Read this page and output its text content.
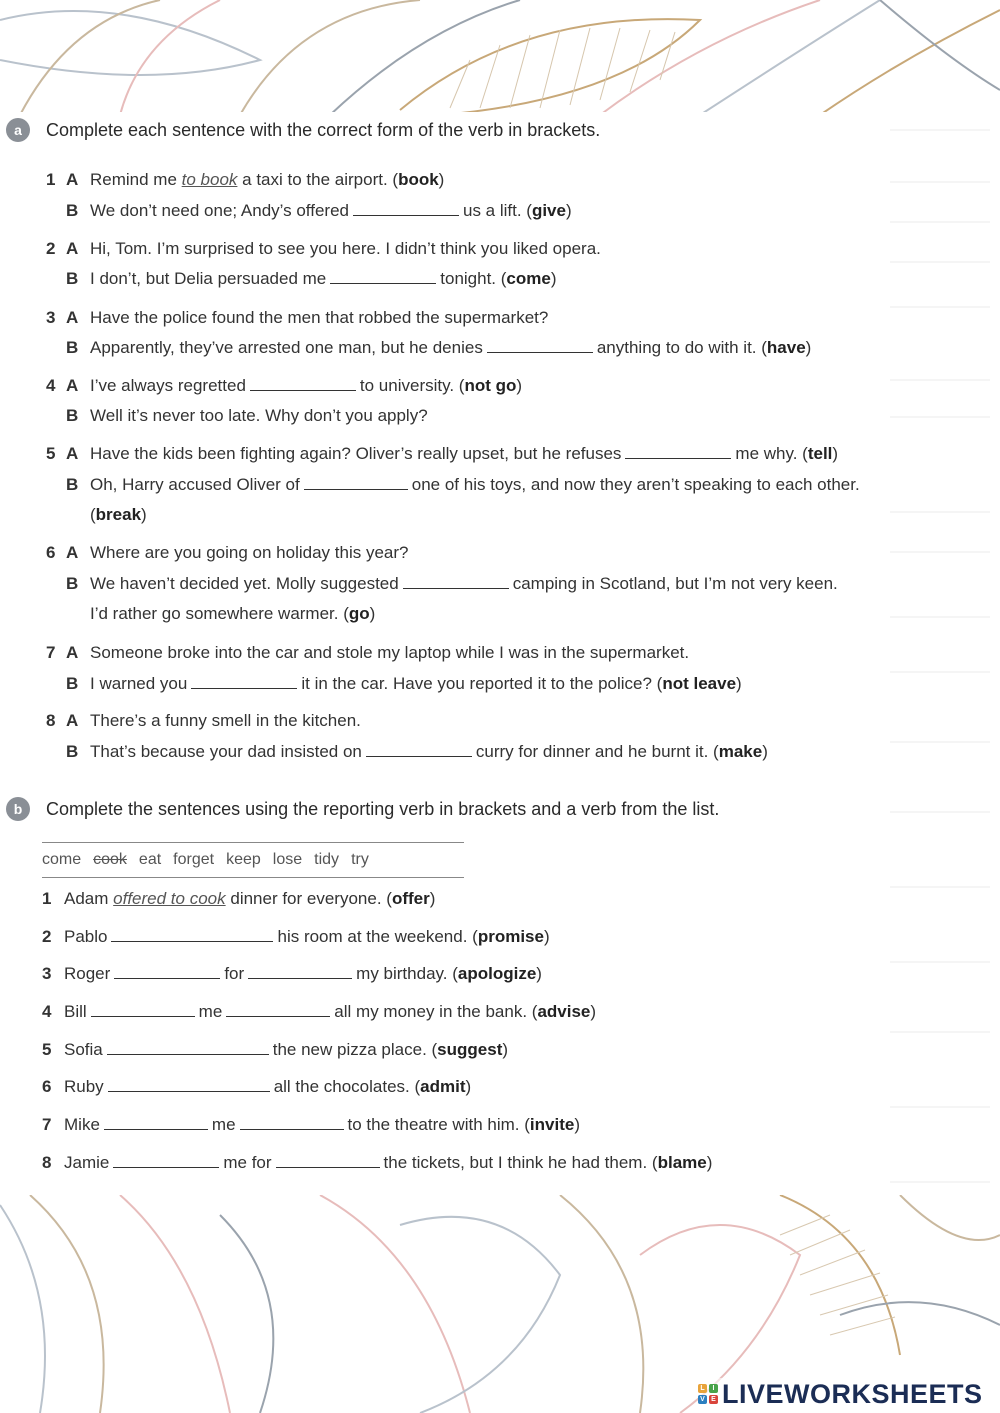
a	Complete each sentence with the correct form of the verb in brackets.
1 A Remind me to book a taxi to the airport. (book)
B We don’t need one; Andy’s offered	us a lift. (give)
2 A Hi, Tom. I’m surprised to see you here. I didn’t think you liked opera.
B I don’t, but Delia persuaded me	tonight. (come)
3 A Have the police found the men that robbed the supermarket?
B Apparently, they’ve arrested one man, but he denies	anything to do with it. (have)
4 A I’ve always regretted	to university. (not go)
B Well it’s never too late. Why don’t you apply?
5 A Have the kids been fighting again? Oliver’s really upset, but he refuses	me why. (tell)
B Oh, Harry accused Oliver of	one of his toys, and now they aren’t speaking to each other.
(break)
6 A Where are you going on holiday this year?
B We haven’t decided yet. Molly suggested	camping in Scotland, but I’m not very keen.
I’d rather go somewhere warmer. (go)
7 A Someone broke into the car and stole my laptop while I was in the supermarket.
B I warned you	it in the car. Have you reported it to the police? (not leave)
8 A There’s a funny smell in the kitchen.
B That’s because your dad insisted on	curry for dinner and he burnt it. (make)
b	Complete the sentences using the reporting verb in brackets and a verb from the list.
come cook eat forget keep lose tidy try
1 Adam offered to cook dinner for everyone. (offer)
2 Pablo	his room at the weekend. (promise)
3 Roger	for	my birthday. (apologize)
4 Bill	me	all my money in the bank. (advise)
5 Sofia	the new pizza place. (suggest)
6 Ruby	all the chocolates. (admit)
7 Mike	me	to the theatre with him. (invite)
8 Jamie	me for	the tickets, but I think he had them. (blame)
L	I
V E LIVEWORKSHEETS
